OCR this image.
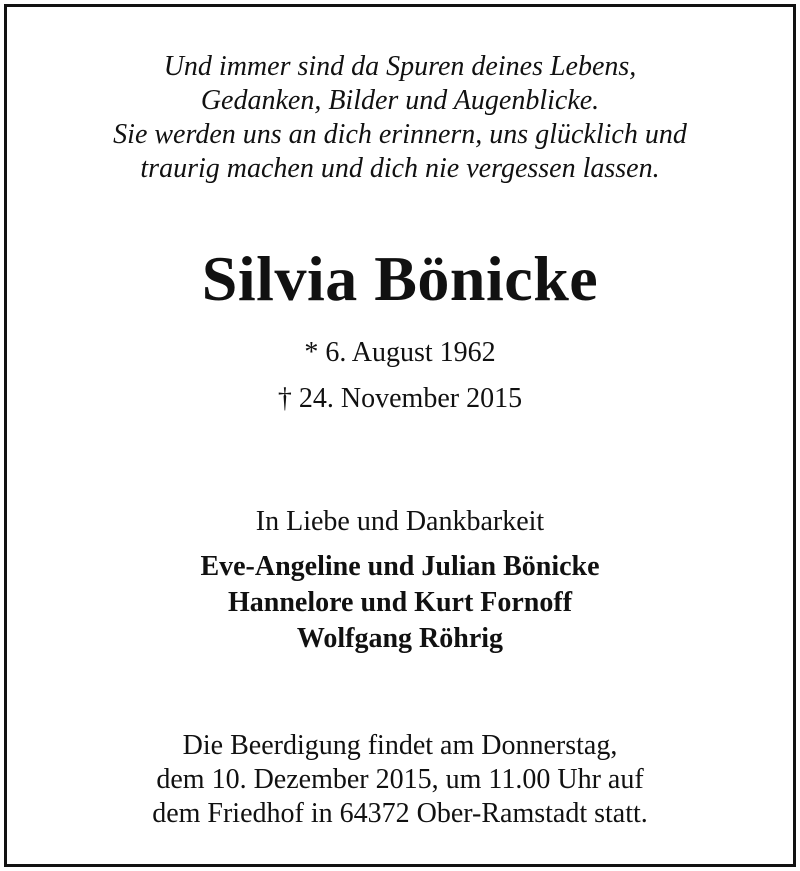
Und immer sind da Spuren deines Lebens,
Gedanken, Bilder und Augenblicke.
Sie werden uns an dich erinnern, uns glücklich und
traurig machen und dich nie vergessen lassen.

Silvia Bönicke

* 6. August 1962

† 24. November 2015

In Liebe und Dankbarkeit

Eve-Angeline und Julian Bönicke
Hannelore und Kurt Fornoff
Wolfgang Röhrig

Die Beerdigung findet am Donnerstag,
dem 10. Dezember 2015, um 11.00 Uhr auf
dem Friedhof in 64372 Ober-Ramstadt statt.
